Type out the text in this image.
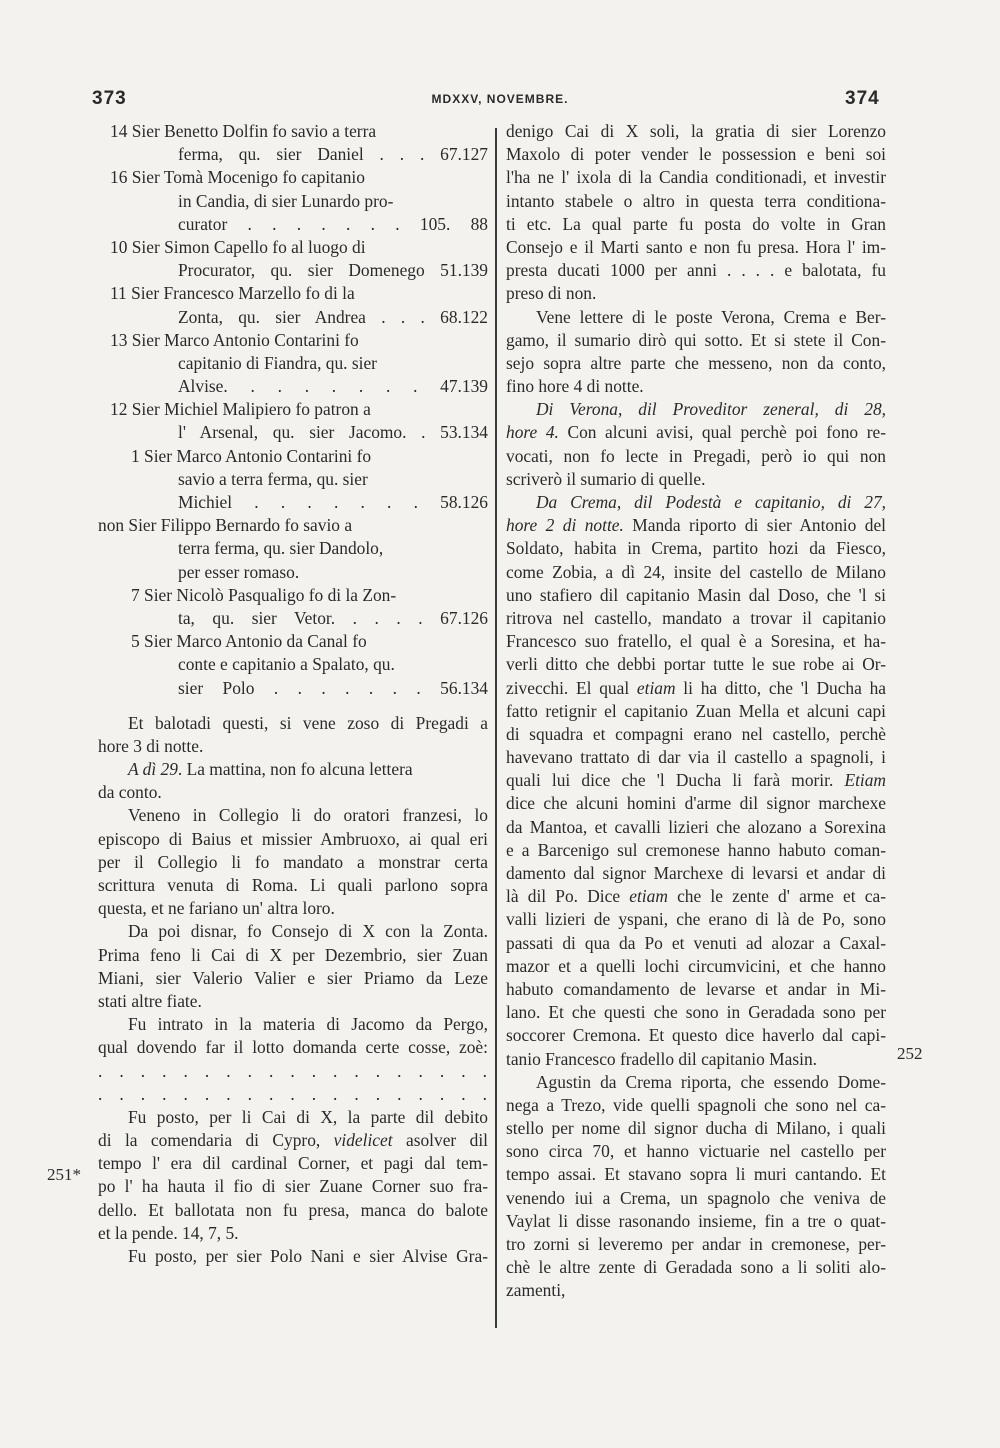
373	MDXXV, NOVEMBRE.	374
251*
252
14 Sier Benetto Dolfin fo savio a terra
ferma, qu. sier Daniel . . . 67.127
16 Sier Tomà Mocenigo fo capitanio
in Candia, di sier Lunardo pro-
curator . . . . . . . 105. 88
10 Sier Simon Capello fo al luogo di
Procurator, qu. sier Domenego 51.139
11 Sier Francesco Marzello fo di la
Zonta, qu. sier Andrea . . . 68.122
13 Sier Marco Antonio Contarini fo
capitanio di Fiandra, qu. sier
Alvise. . . . . . . . 47.139
12 Sier Michiel Malipiero fo patron a
l' Arsenal, qu. sier Jacomo. . 53.134
1 Sier Marco Antonio Contarini fo
savio a terra ferma, qu. sier
Michiel . . . . . . . 58.126
non Sier Filippo Bernardo fo savio a
terra ferma, qu. sier Dandolo,
per esser romaso.
7 Sier Nicolò Pasqualigo fo di la Zon-
ta, qu. sier Vetor. . . . . 67.126
5 Sier Marco Antonio da Canal fo
conte e capitanio a Spalato, qu.
sier Polo . . . . . . . 56.134
Et balotadi questi, si vene zoso di Pregadi a
hore 3 di notte.
A dì 29. La mattina, non fo alcuna lettera
da conto.
Veneno in Collegio li do oratori franzesi, lo
episcopo di Baius et missier Ambruoxo, ai qual eri
per il Collegio li fo mandato a monstrar certa
scrittura venuta di Roma. Li quali parlono sopra
questa, et ne fariano un' altra loro.
Da poi disnar, fo Consejo di X con la Zonta.
Prima feno li Cai di X per Dezembrio, sier Zuan
Miani, sier Valerio Valier e sier Priamo da Leze
stati altre fiate.
Fu intrato in la materia di Jacomo da Pergo,
qual dovendo far il lotto domanda certe cosse, zoè:
. . . . . . . . . . . . . . . . . . .
. . . . . . . . . . . . . . . . . . .
Fu posto, per li Cai di X, la parte dil debito
di la comendaria di Cypro, videlicet asolver dil
tempo l' era dil cardinal Corner, et pagi dal tem-
po l' ha hauta il fio di sier Zuane Corner suo fra-
dello. Et ballotata non fu presa, manca do balote
et la pende. 14, 7, 5.
Fu posto, per sier Polo Nani e sier Alvise Gra-
denigo Cai di X soli, la gratia di sier Lorenzo
Maxolo di poter vender le possession e beni soi
l'ha ne l' ixola di la Candia conditionadi, et investir
intanto stabele o altro in questa terra conditiona-
ti etc. La qual parte fu posta do volte in Gran
Consejo e il Marti santo e non fu presa. Hora l' im-
presta ducati 1000 per anni . . . . e balotata, fu
preso di non.
Vene lettere di le poste Verona, Crema e Ber-
gamo, il sumario dirò qui sotto. Et si stete il Con-
sejo sopra altre parte che messeno, non da conto,
fino hore 4 di notte.
Di Verona, dil Proveditor zeneral, di 28,
hore 4. Con alcuni avisi, qual perchè poi fono re-
vocati, non fo lecte in Pregadi, però io qui non
scriverò il sumario di quelle.
Da Crema, dil Podestà e capitanio, di 27,
hore 2 di notte. Manda riporto di sier Antonio del
Soldato, habita in Crema, partito hozi da Fiesco,
come Zobia, a dì 24, insite del castello de Milano
uno stafiero dil capitanio Masin dal Doso, che 'l si
ritrova nel castello, mandato a trovar il capitanio
Francesco suo fratello, el qual è a Soresina, et ha-
verli ditto che debbi portar tutte le sue robe ai Or-
zivecchi. El qual etiam li ha ditto, che 'l Ducha ha
fatto retignir el capitanio Zuan Mella et alcuni capi
di squadra et compagni erano nel castello, perchè
havevano trattato di dar via il castello a spagnoli, i
quali lui dice che 'l Ducha li farà morir. Etiam
dice che alcuni homini d'arme dil signor marchexe
da Mantoa, et cavalli lizieri che alozano a Sorexina
e a Barcenigo sul cremonese hanno habuto coman-
damento dal signor Marchexe di levarsi et andar di
là dil Po. Dice etiam che le zente d' arme et ca-
valli lizieri de yspani, che erano di là de Po, sono
passati di qua da Po et venuti ad alozar a Caxal-
mazor et a quelli lochi circumvicini, et che hanno
habuto comandamento de levarse et andar in Mi-
lano. Et che questi che sono in Geradada sono per
soccorer Cremona. Et questo dice haverlo dal capi-
tanio Francesco fradello dil capitanio Masin.
Agustin da Crema riporta, che essendo Dome-
nega a Trezo, vide quelli spagnoli che sono nel ca-
stello per nome dil signor ducha di Milano, i quali
sono circa 70, et hanno victuarie nel castello per
tempo assai. Et stavano sopra li muri cantando. Et
venendo iui a Crema, un spagnolo che veniva de
Vaylat li disse rasonando insieme, fin a tre o quat-
tro zorni si leveremo per andar in cremonese, per-
chè le altre zente di Geradada sono a li soliti alo-
zamenti,
